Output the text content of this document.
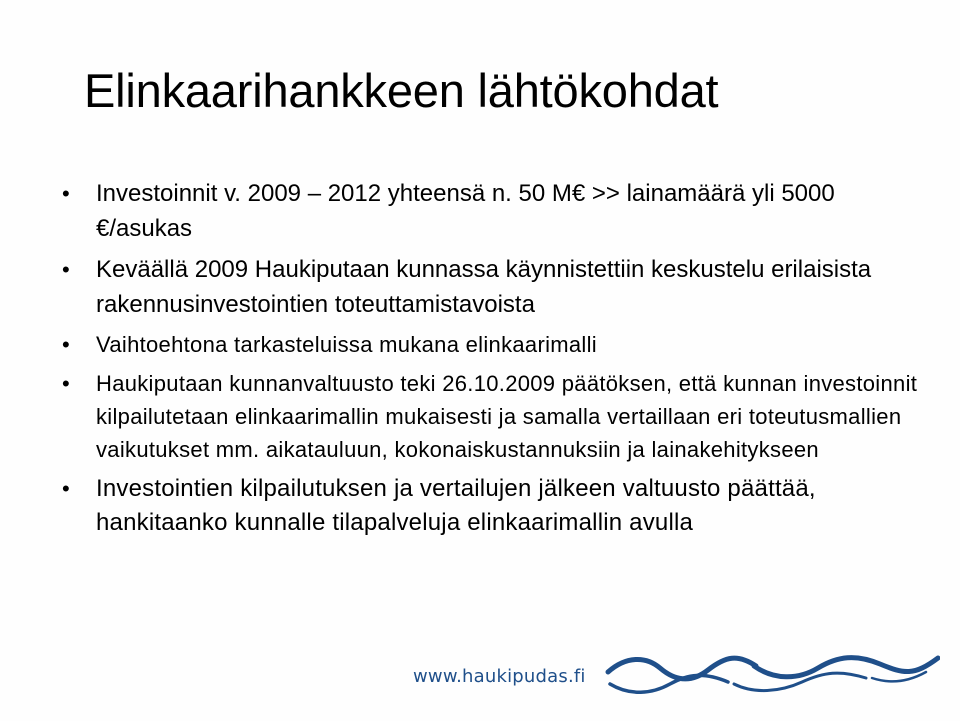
Elinkaarihankkeen lähtökohdat
• Investoinnit v. 2009 – 2012 yhteensä n. 50 M€ >> lainamäärä yli 5000 €/asukas
• Keväällä 2009 Haukiputaan kunnassa käynnistettiin keskustelu erilaisista rakennusinvestointien toteuttamistavoista
• Vaihtoehtona tarkasteluissa mukana elinkaarimalli
• Haukiputaan kunnanvaltuusto teki 26.10.2009 päätöksen, että kunnan investoinnit kilpailutetaan elinkaarimallin mukaisesti ja samalla vertaillaan eri toteutusmallien vaikutukset mm. aikatauluun, kokonaiskustannuksiin ja lainakehitykseen
• Investointien kilpailutuksen ja vertailujen jälkeen valtuusto päättää, hankitaanko kunnalle tilapalveluja elinkaarimallin avulla
www.haukipudas.fi
